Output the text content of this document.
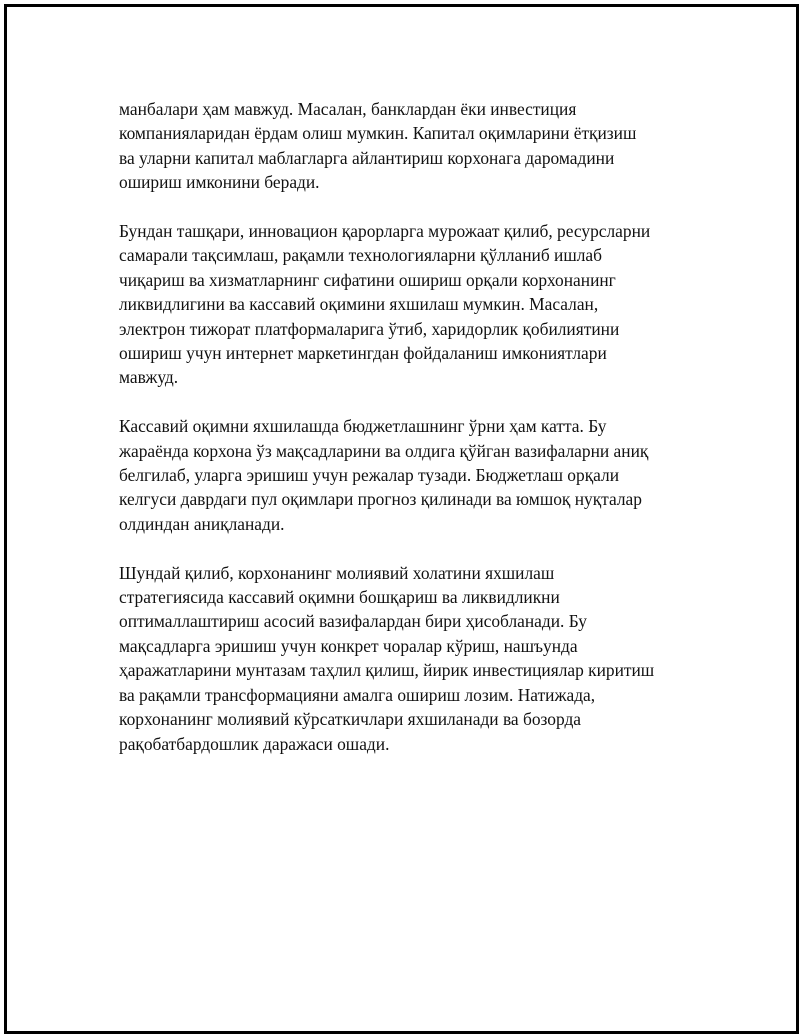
манбалари ҳам мавжуд. Масалан, банклардан ёки инвестиция
компанияларидан ёрдам олиш мумкин. Капитал оқимларини ётқизиш
ва уларни капитал маблагларга айлантириш корхонага даромадини
ошириш имконини беради.

Бундан ташқари, инновацион қарорларга мурожаат қилиб, ресурсларни
самарали тақсимлаш, рақамли технологияларни қўлланиб ишлаб
чиқариш ва хизматларнинг сифатини ошириш орқали корхонанинг
ликвидлигини ва кассавий оқимини яхшилаш мумкин. Масалан,
электрон тижорат платформаларига ўтиб, харидорлик қобилиятини
ошириш учун интернет маркетингдан фойдаланиш имкониятлари
мавжуд.

Кассавий оқимни яхшилашда бюджетлашнинг ўрни ҳам катта. Бу
жараёнда корхона ўз мақсадларини ва олдига қўйган вазифаларни аниқ
белгилаб, уларга эришиш учун режалар тузади. Бюджетлаш орқали
келгуси даврдаги пул оқимлари прогноз қилинади ва юмшоқ нуқталар
олдиндан аниқланади.

Шундай қилиб, корхонанинг молиявий холатини яхшилаш
стратегиясида кассавий оқимни бошқариш ва ликвидликни
оптималлаштириш асосий вазифалардан бири ҳисобланади. Бу
мақсадларга эришиш учун конкрет чоралар кўриш, нашъунда
ҳаражатларини мунтазам таҳлил қилиш, йирик инвестициялар киритиш
ва рақамли трансформацияни амалга ошириш лозим. Натижада,
корхонанинг молиявий кўрсаткичлари яхшиланади ва бозорда
рақобатбардошлик даражаси ошади.
